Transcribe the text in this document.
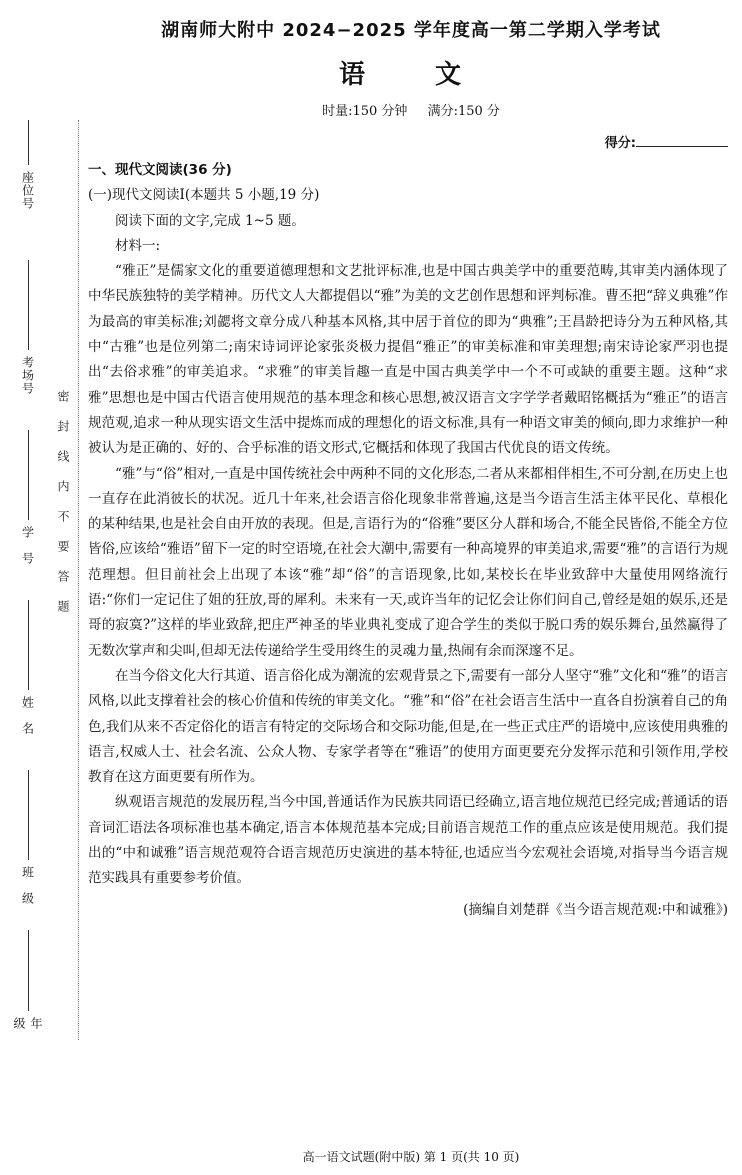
座位号
考场号
学　号
姓　名
班　级
年　级
密封线内不要答题
湖南师大附中 2024−2025 学年度高一第二学期入学考试
语　文
时量:150 分钟 满分:150 分
得分:
一、现代文阅读(36 分)
(一)现代文阅读Ⅰ(本题共 5 小题,19 分)

阅读下面的文字,完成 1~5 题。

材料一:

“雅正”是儒家文化的重要道德理想和文艺批评标准,也是中国古典美学中的重要范畴,其审美内涵体现了中华民族独特的美学精神。历代文人大都提倡以“雅”为美的文艺创作思想和评判标准。曹丕把“辞义典雅”作为最高的审美标准;刘勰将文章分成八种基本风格,其中居于首位的即为“典雅”;王昌龄把诗分为五种风格,其中“古雅”也是位列第二;南宋诗词评论家张炎极力提倡“雅正”的审美标准和审美理想;南宋诗论家严羽也提出“去俗求雅”的审美追求。“求雅”的审美旨趣一直是中国古典美学中一个不可或缺的重要主题。这种“求雅”思想也是中国古代语言使用规范的基本理念和核心思想,被汉语言文字学学者戴昭铭概括为“雅正”的语言规范观,追求一种从现实语文生活中提炼而成的理想化的语文标准,具有一种语文审美的倾向,即力求维护一种被认为是正确的、好的、合乎标准的语文形式,它概括和体现了我国古代优良的语文传统。

“雅”与“俗”相对,一直是中国传统社会中两种不同的文化形态,二者从来都相伴相生,不可分割,在历史上也一直存在此消彼长的状况。近几十年来,社会语言俗化现象非常普遍,这是当今语言生活主体平民化、草根化的某种结果,也是社会自由开放的表现。但是,言语行为的“俗雅”要区分人群和场合,不能全民皆俗,不能全方位皆俗,应该给“雅语”留下一定的时空语境,在社会大潮中,需要有一种高境界的审美追求,需要“雅”的言语行为规范理想。但目前社会上出现了本该“雅”却“俗”的言语现象,比如,某校长在毕业致辞中大量使用网络流行语:“你们一定记住了姐的狂放,哥的犀利。未来有一天,或许当年的记忆会让你们问自己,曾经是姐的娱乐,还是哥的寂寞?”这样的毕业致辞,把庄严神圣的毕业典礼变成了迎合学生的类似于脱口秀的娱乐舞台,虽然赢得了无数次掌声和尖叫,但却无法传递给学生受用终生的灵魂力量,热闹有余而深邃不足。

在当今俗文化大行其道、语言俗化成为潮流的宏观背景之下,需要有一部分人坚守“雅”文化和“雅”的语言风格,以此支撑着社会的核心价值和传统的审美文化。“雅”和“俗”在社会语言生活中一直各自扮演着自己的角色,我们从来不否定俗化的语言有特定的交际场合和交际功能,但是,在一些正式庄严的语境中,应该使用典雅的语言,权威人士、社会名流、公众人物、专家学者等在“雅语”的使用方面更要充分发挥示范和引领作用,学校教育在这方面更要有所作为。

纵观语言规范的发展历程,当今中国,普通话作为民族共同语已经确立,语言地位规范已经完成;普通话的语音词汇语法各项标准也基本确定,语言本体规范基本完成;目前语言规范工作的重点应该是使用规范。我们提出的“中和诚雅”语言规范观符合语言规范历史演进的基本特征,也适应当今宏观社会语境,对指导当今语言规范实践具有重要参考价值。

(摘编自刘楚群《当今语言规范观:中和诚雅》)
高一语文试题(附中版) 第 1 页(共 10 页)
